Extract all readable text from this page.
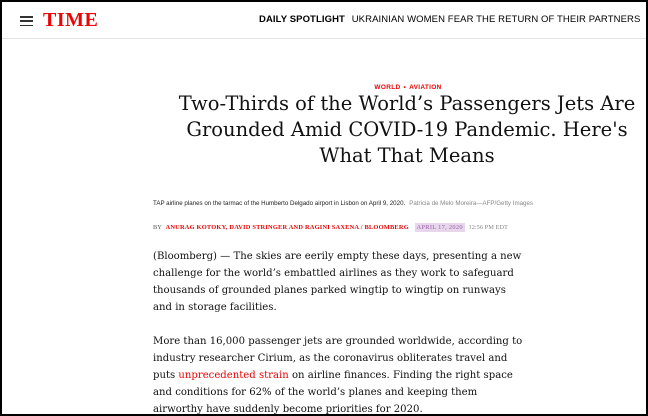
TIME	DAILY SPOTLIGHT UKRAINIAN WOMEN FEAR THE RETURN OF THEIR PARTNERS
WORLD • AVIATION
Two-Thirds of the World’s Passengers Jets Are Grounded Amid COVID-19 Pandemic. Here's What That Means
TAP airline planes on the tarmac of the Humberto Delgado airport in Lisbon on April 9, 2020. Patricia de Melo Moreira—AFP/Getty Images
BY ANURAG KOTOKY, DAVID STRINGER AND RAGINI SAXENA / BLOOMBERG APRIL 17, 2020 12:56 PM EDT

(Bloomberg) — The skies are eerily empty these days, presenting a new challenge for the world’s embattled airlines as they work to safeguard thousands of grounded planes parked wingtip to wingtip on runways and in storage facilities.

More than 16,000 passenger jets are grounded worldwide, according to industry researcher Cirium, as the coronavirus obliterates travel and puts unprecedented strain on airline finances. Finding the right space and conditions for 62% of the world’s planes and keeping them airworthy have suddenly become priorities for 2020.
